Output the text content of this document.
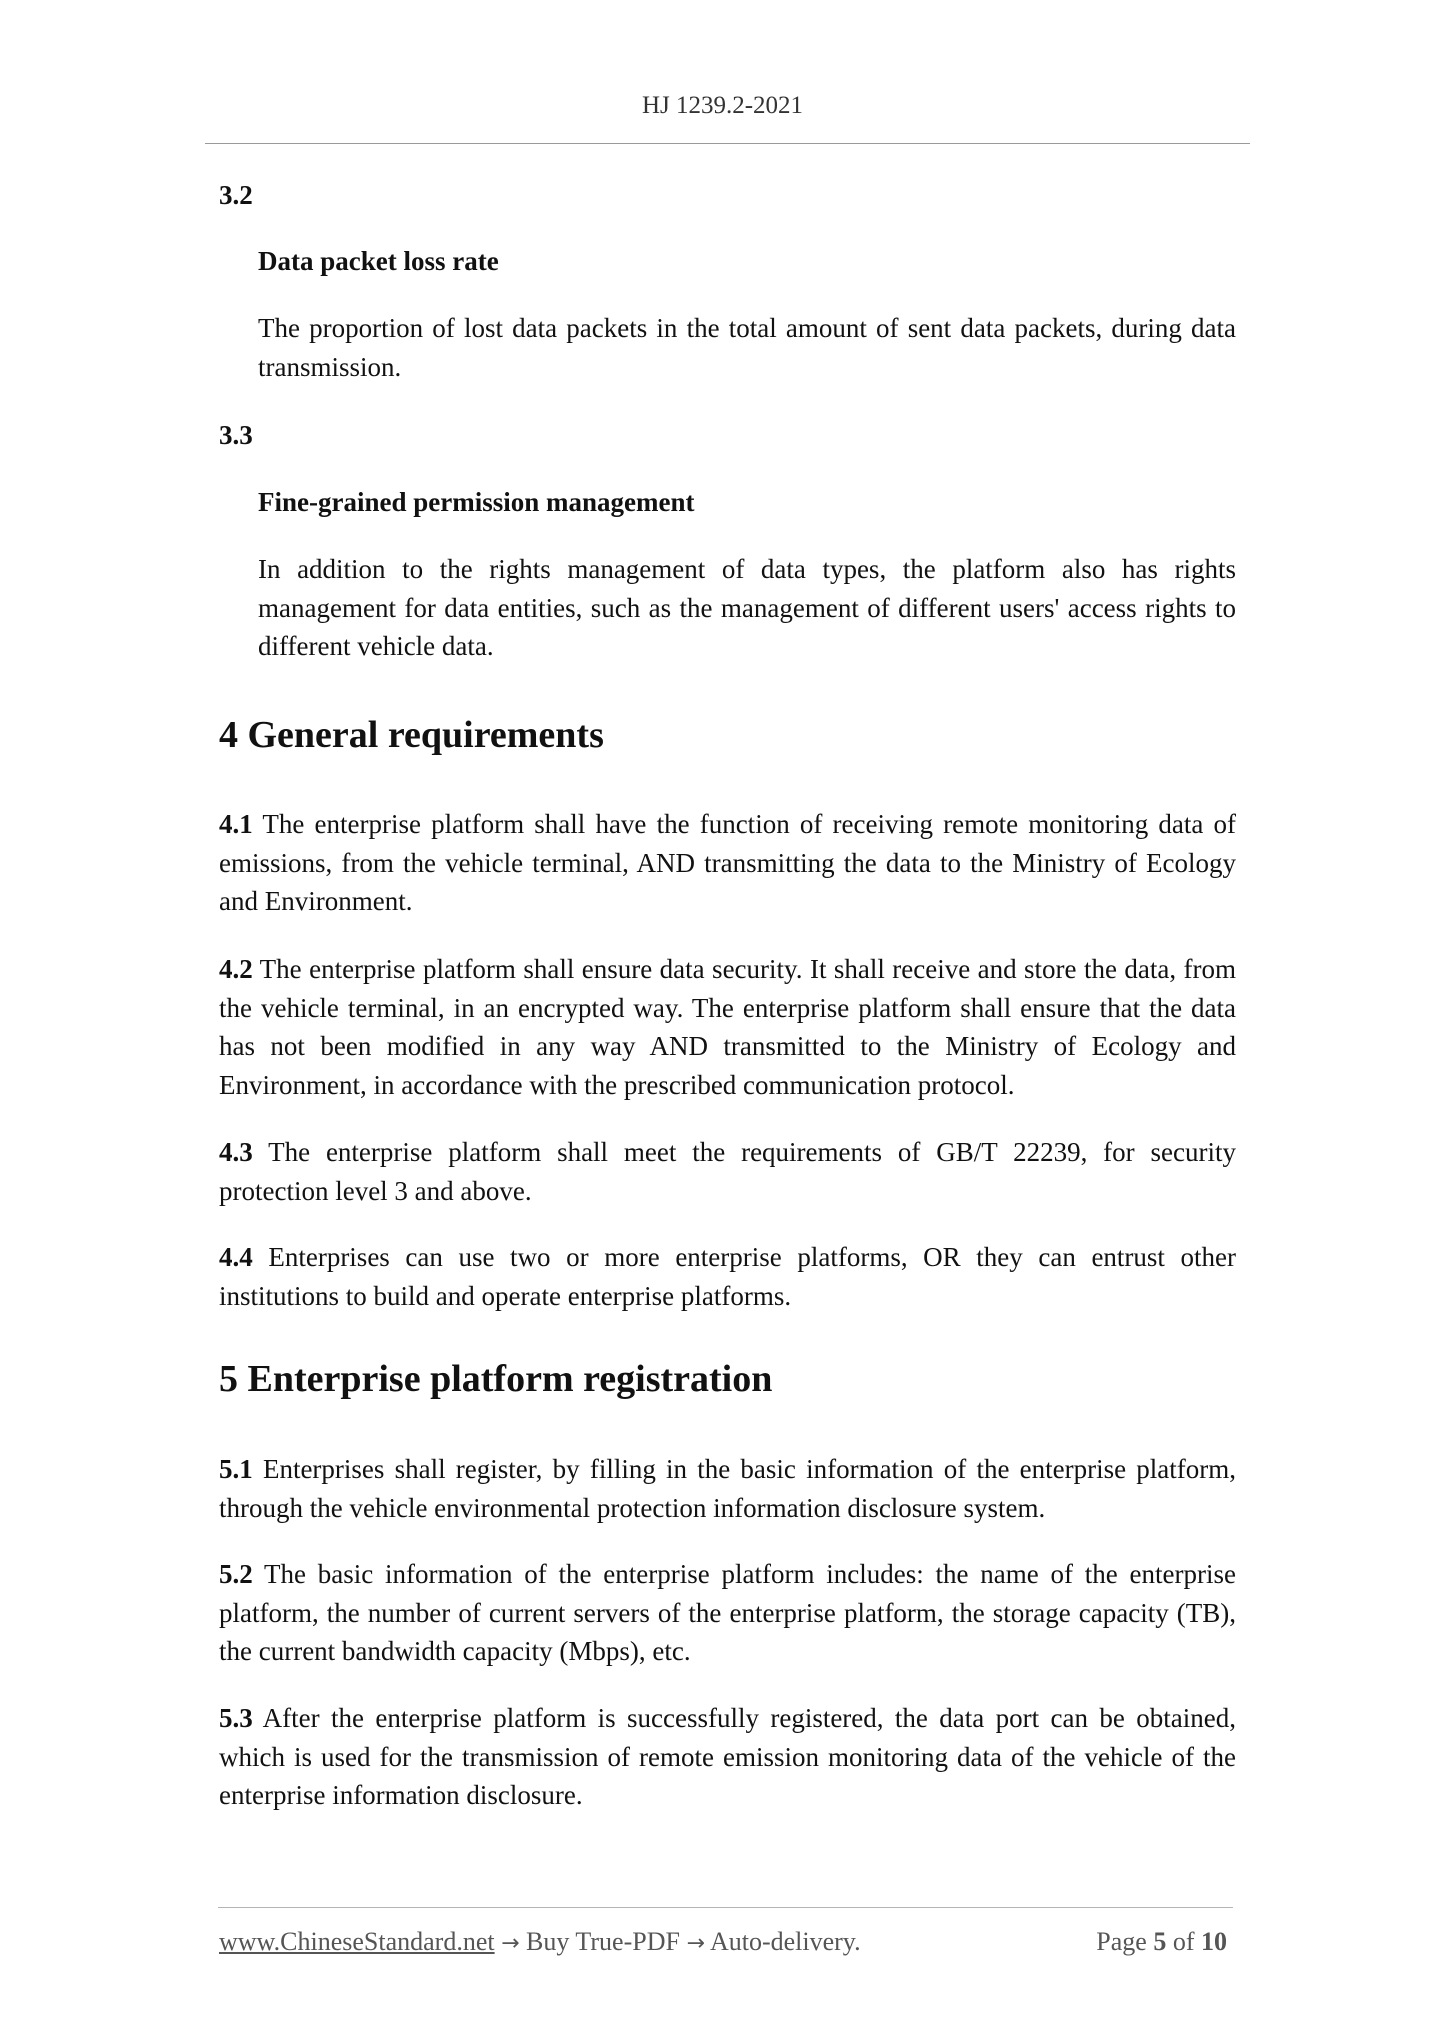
HJ 1239.2-2021
3.2
Data packet loss rate
The proportion of lost data packets in the total amount of sent data packets, during data transmission.
3.3
Fine-grained permission management
In addition to the rights management of data types, the platform also has rights management for data entities, such as the management of different users' access rights to different vehicle data.
4 General requirements
4.1 The enterprise platform shall have the function of receiving remote monitoring data of emissions, from the vehicle terminal, AND transmitting the data to the Ministry of Ecology and Environment.
4.2 The enterprise platform shall ensure data security. It shall receive and store the data, from the vehicle terminal, in an encrypted way. The enterprise platform shall ensure that the data has not been modified in any way AND transmitted to the Ministry of Ecology and Environment, in accordance with the prescribed communication protocol.
4.3 The enterprise platform shall meet the requirements of GB/T 22239, for security protection level 3 and above.
4.4 Enterprises can use two or more enterprise platforms, OR they can entrust other institutions to build and operate enterprise platforms.
5 Enterprise platform registration
5.1 Enterprises shall register, by filling in the basic information of the enterprise platform, through the vehicle environmental protection information disclosure system.
5.2 The basic information of the enterprise platform includes: the name of the enterprise platform, the number of current servers of the enterprise platform, the storage capacity (TB), the current bandwidth capacity (Mbps), etc.
5.3 After the enterprise platform is successfully registered, the data port can be obtained, which is used for the transmission of remote emission monitoring data of the vehicle of the enterprise information disclosure.
www.ChineseStandard.net → Buy True-PDF → Auto-delivery.	Page 5 of 10
